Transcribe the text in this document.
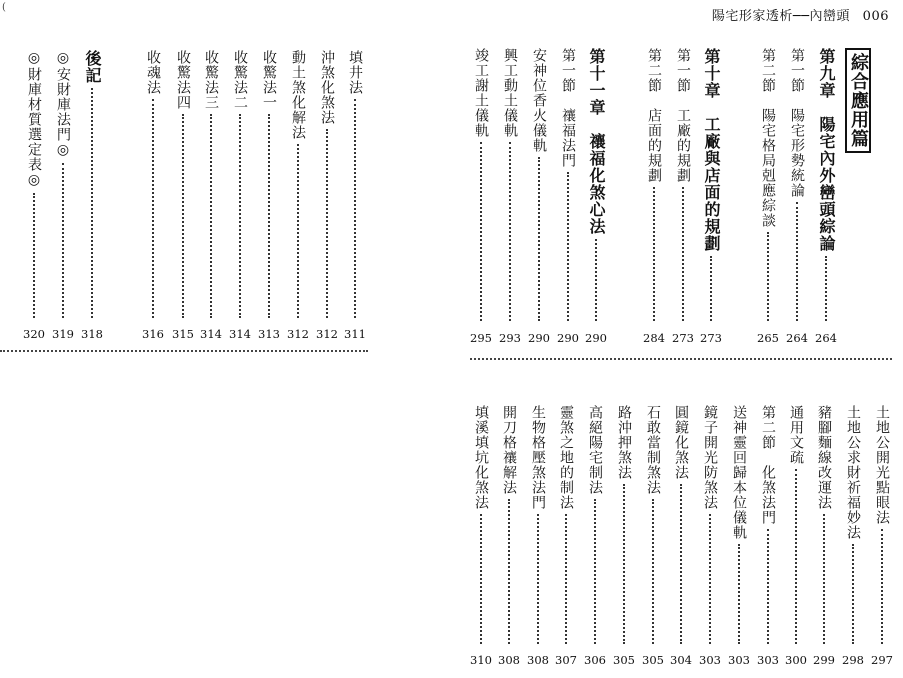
(
陽宅形家透析──內巒頭 006
311
填井法
312
沖煞化煞法
312
動土煞化解法
313
收驚法一
314
收驚法二
314
收驚法三
315
收驚法四
316
收魂法
318
後記
319
◎安財庫法門◎
320
◎財庫材質選定表◎	綜合應用篇
264
第九章　陽宅內外巒頭綜論
264
第一節　陽宅形勢統論
265
第二節　陽宅格局剋應綜談
273
第十章　工廠與店面的規劃
273
第一節　工廠的規劃
284
第二節　店面的規劃
290
第十一章　禳福化煞心法
290
第一節　禳福法門
290
安神位香火儀軌
293
興工動土儀軌
295
竣工謝土儀軌
297
土地公開光點眼法
298
土地公求財祈福妙法
299
豬腳麵線改運法
300
通用文疏
303
第二節　化煞法門
303
送神靈回歸本位儀軌
303
鏡子開光防煞法
304
圓鏡化煞法
305
石敢當制煞法
305
路沖押煞法
306
高絕陽宅制法
307
靈煞之地的制法
308
生物格壓煞法門
308
開刀格禳解法
310
填溪填坑化煞法
